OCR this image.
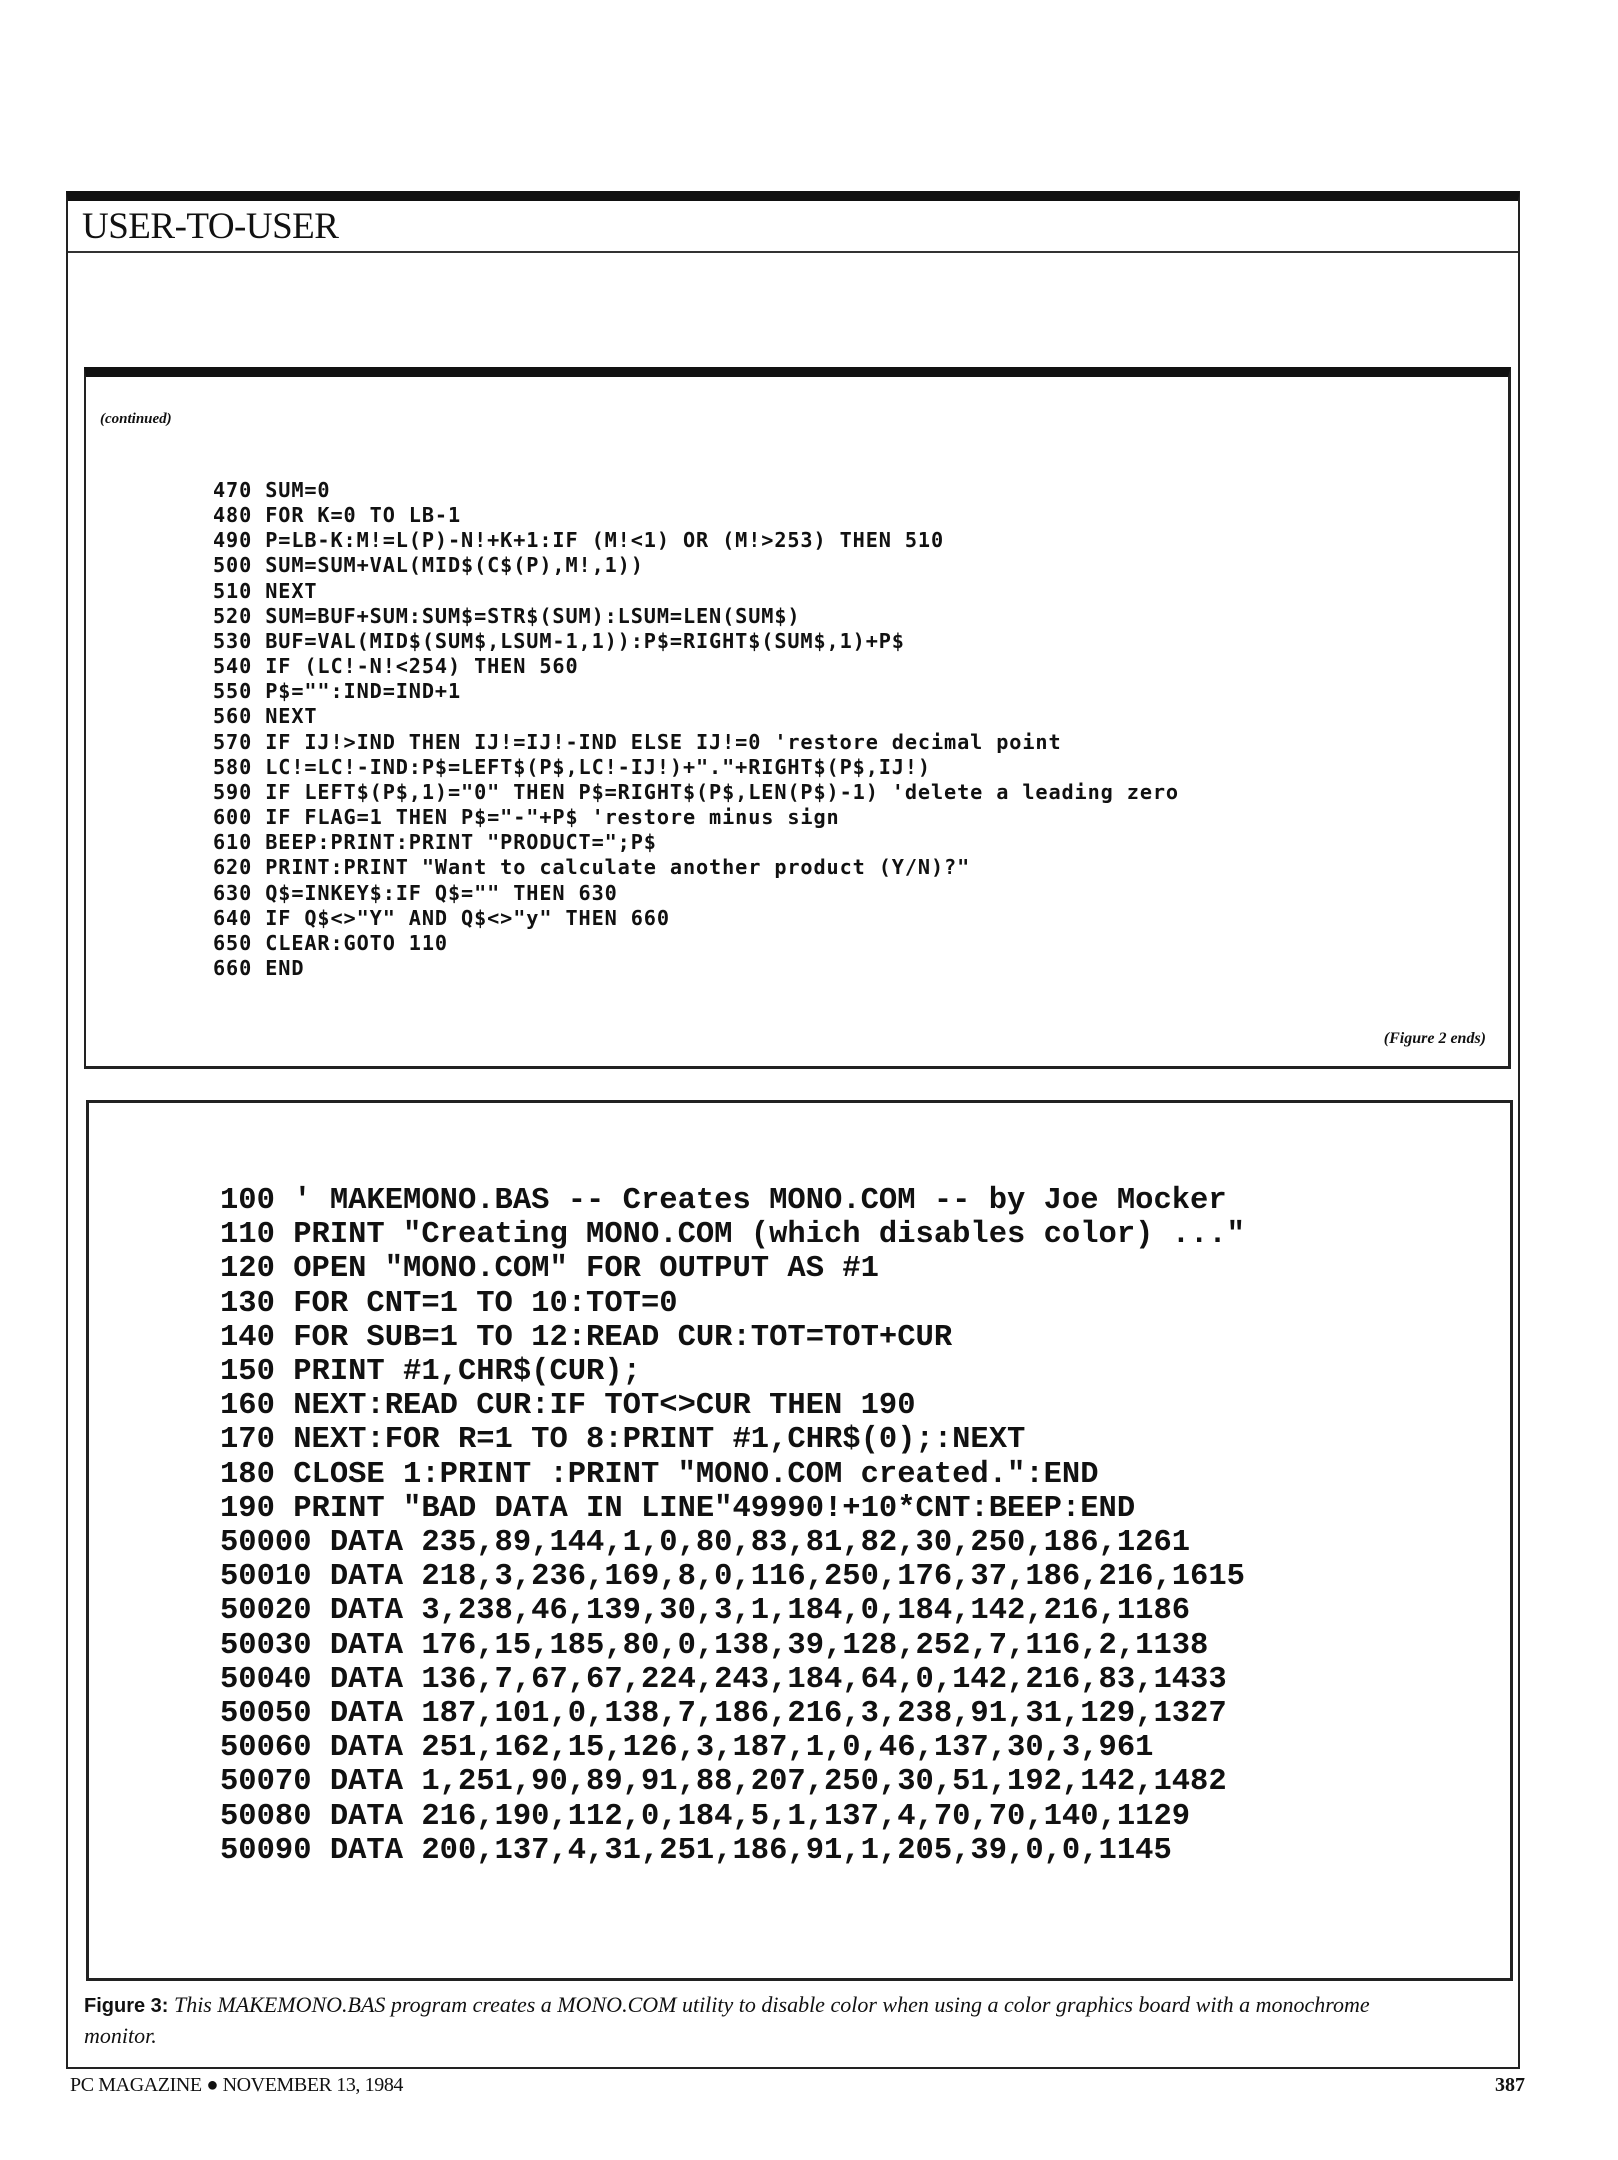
USER-TO-USER
(continued)
470 SUM=0
480 FOR K=0 TO LB-1
490 P=LB-K:M!=L(P)-N!+K+1:IF (M!<1) OR (M!>253) THEN 510
500 SUM=SUM+VAL(MID$(C$(P),M!,1))
510 NEXT
520 SUM=BUF+SUM:SUM$=STR$(SUM):LSUM=LEN(SUM$)
530 BUF=VAL(MID$(SUM$,LSUM-1,1)):P$=RIGHT$(SUM$,1)+P$
540 IF (LC!-N!<254) THEN 560
550 P$="":IND=IND+1
560 NEXT
570 IF IJ!>IND THEN IJ!=IJ!-IND ELSE IJ!=0 'restore decimal point
580 LC!=LC!-IND:P$=LEFT$(P$,LC!-IJ!)+"."+RIGHT$(P$,IJ!)
590 IF LEFT$(P$,1)="0" THEN P$=RIGHT$(P$,LEN(P$)-1) 'delete a leading zero
600 IF FLAG=1 THEN P$="-"+P$ 'restore minus sign
610 BEEP:PRINT:PRINT "PRODUCT=";P$
620 PRINT:PRINT "Want to calculate another product (Y/N)?"
630 Q$=INKEY$:IF Q$="" THEN 630
640 IF Q$<>"Y" AND Q$<>"y" THEN 660
650 CLEAR:GOTO 110
660 END
(Figure 2 ends)
100 ' MAKEMONO.BAS -- Creates MONO.COM -- by Joe Mocker
110 PRINT "Creating MONO.COM (which disables color) ..."
120 OPEN "MONO.COM" FOR OUTPUT AS #1
130 FOR CNT=1 TO 10:TOT=0
140 FOR SUB=1 TO 12:READ CUR:TOT=TOT+CUR
150 PRINT #1,CHR$(CUR);
160 NEXT:READ CUR:IF TOT<>CUR THEN 190
170 NEXT:FOR R=1 TO 8:PRINT #1,CHR$(0);:NEXT
180 CLOSE 1:PRINT :PRINT "MONO.COM created.":END
190 PRINT "BAD DATA IN LINE"49990!+10*CNT:BEEP:END
50000 DATA 235,89,144,1,0,80,83,81,82,30,250,186,1261
50010 DATA 218,3,236,169,8,0,116,250,176,37,186,216,1615
50020 DATA 3,238,46,139,30,3,1,184,0,184,142,216,1186
50030 DATA 176,15,185,80,0,138,39,128,252,7,116,2,1138
50040 DATA 136,7,67,67,224,243,184,64,0,142,216,83,1433
50050 DATA 187,101,0,138,7,186,216,3,238,91,31,129,1327
50060 DATA 251,162,15,126,3,187,1,0,46,137,30,3,961
50070 DATA 1,251,90,89,91,88,207,250,30,51,192,142,1482
50080 DATA 216,190,112,0,184,5,1,137,4,70,70,140,1129
50090 DATA 200,137,4,31,251,186,91,1,205,39,0,0,1145
Figure 3: This MAKEMONO.BAS program creates a MONO.COM utility to disable color when using a color graphics board with a monochrome monitor.
PC MAGAZINE ● NOVEMBER 13, 1984	387
